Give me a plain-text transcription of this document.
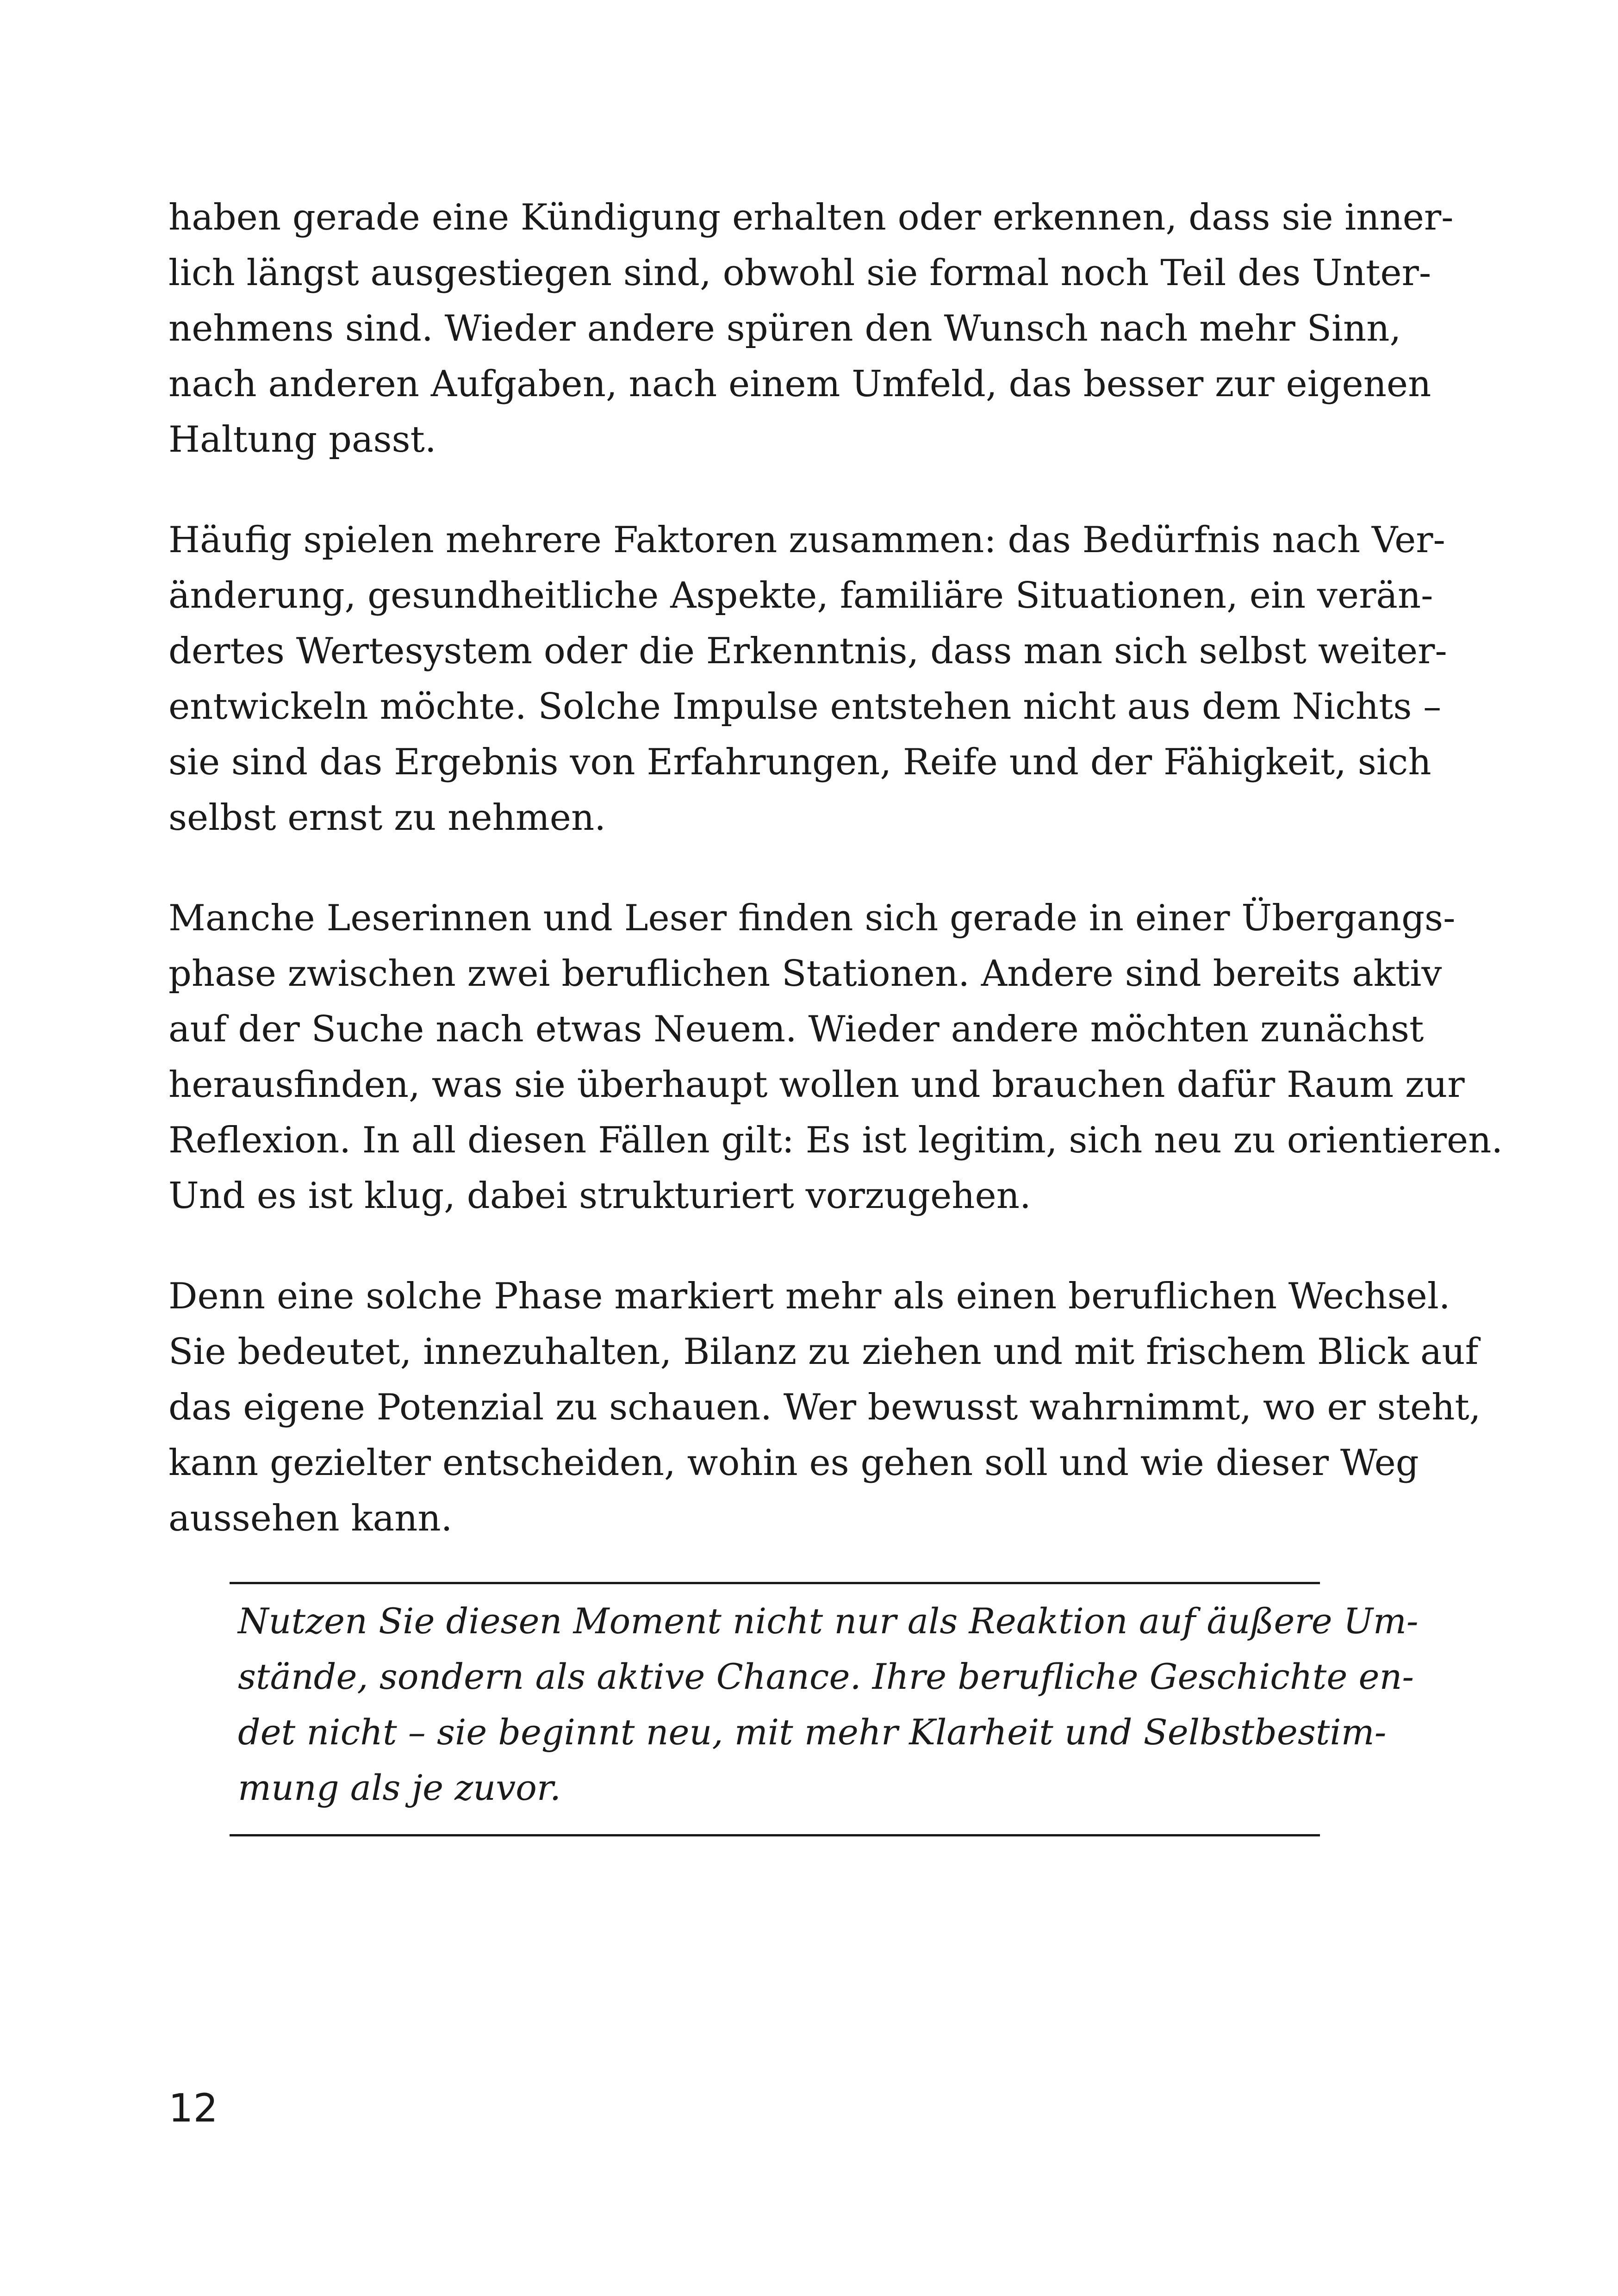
haben gerade eine Kündigung erhalten oder erkennen, dass sie inner-
lich längst ausgestiegen sind, obwohl sie formal noch Teil des Unter-
nehmens sind. Wieder andere spüren den Wunsch nach mehr Sinn,
nach anderen Aufgaben, nach einem Umfeld, das besser zur eigenen
Haltung passt.

Häufig spielen mehrere Faktoren zusammen: das Bedürfnis nach Ver-
änderung, gesundheitliche Aspekte, familiäre Situationen, ein verän-
dertes Wertesystem oder die Erkenntnis, dass man sich selbst weiter-
entwickeln möchte. Solche Impulse entstehen nicht aus dem Nichts –
sie sind das Ergebnis von Erfahrungen, Reife und der Fähigkeit, sich
selbst ernst zu nehmen.

Manche Leserinnen und Leser finden sich gerade in einer Übergangs-
phase zwischen zwei beruflichen Stationen. Andere sind bereits aktiv
auf der Suche nach etwas Neuem. Wieder andere möchten zunächst
herausfinden, was sie überhaupt wollen und brauchen dafür Raum zur
Reflexion. In all diesen Fällen gilt: Es ist legitim, sich neu zu orientieren.
Und es ist klug, dabei strukturiert vorzugehen.

Denn eine solche Phase markiert mehr als einen beruflichen Wechsel.
Sie bedeutet, innezuhalten, Bilanz zu ziehen und mit frischem Blick auf
das eigene Potenzial zu schauen. Wer bewusst wahrnimmt, wo er steht,
kann gezielter entscheiden, wohin es gehen soll und wie dieser Weg
aussehen kann.

Nutzen Sie diesen Moment nicht nur als Reaktion auf äußere Um-
stände, sondern als aktive Chance. Ihre berufliche Geschichte en-
det nicht – sie beginnt neu, mit mehr Klarheit und Selbstbestim-
mung als je zuvor.

12
